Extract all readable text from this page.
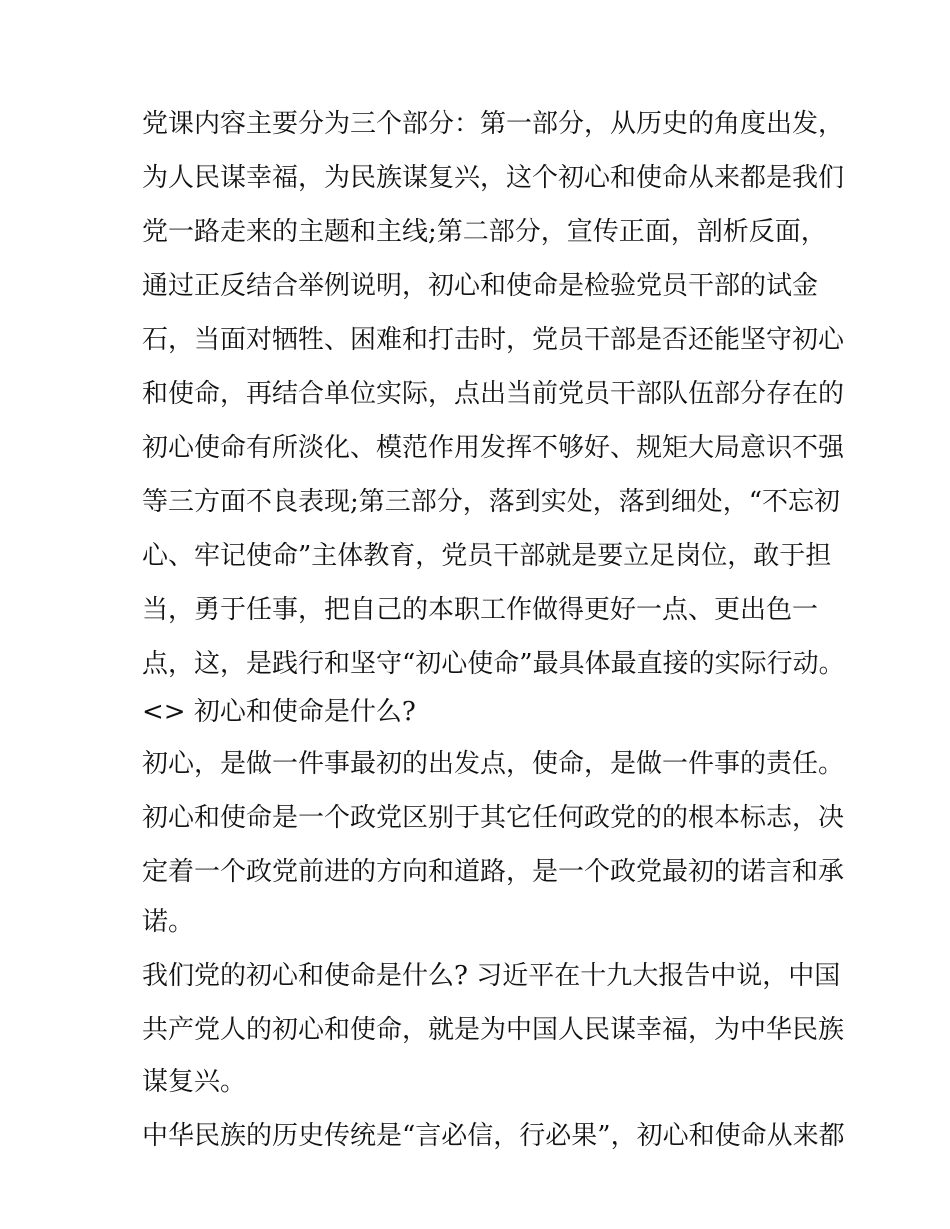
党课内容主要分为三个部分：第一部分，从历史的角度出发，
为人民谋幸福，为民族谋复兴，这个初心和使命从来都是我们
党一路走来的主题和主线;第二部分，宣传正面，剖析反面，
通过正反结合举例说明，初心和使命是检验党员干部的试金
石，当面对牺牲、困难和打击时，党员干部是否还能坚守初心
和使命，再结合单位实际，点出当前党员干部队伍部分存在的
初心使命有所淡化、模范作用发挥不够好、规矩大局意识不强
等三方面不良表现;第三部分，落到实处，落到细处，“不忘初
心、牢记使命”主体教育，党员干部就是要立足岗位，敢于担
当，勇于任事，把自己的本职工作做得更好一点、更出色一
点，这，是践行和坚守“初心使命”最具体最直接的实际行动。
<> 初心和使命是什么?
初心，是做一件事最初的出发点，使命，是做一件事的责任。
初心和使命是一个政党区别于其它任何政党的的根本标志，决
定着一个政党前进的方向和道路，是一个政党最初的诺言和承
诺。
我们党的初心和使命是什么? 习近平在十九大报告中说，中国
共产党人的初心和使命，就是为中国人民谋幸福，为中华民族
谋复兴。
中华民族的历史传统是“言必信，行必果”，初心和使命从来都
